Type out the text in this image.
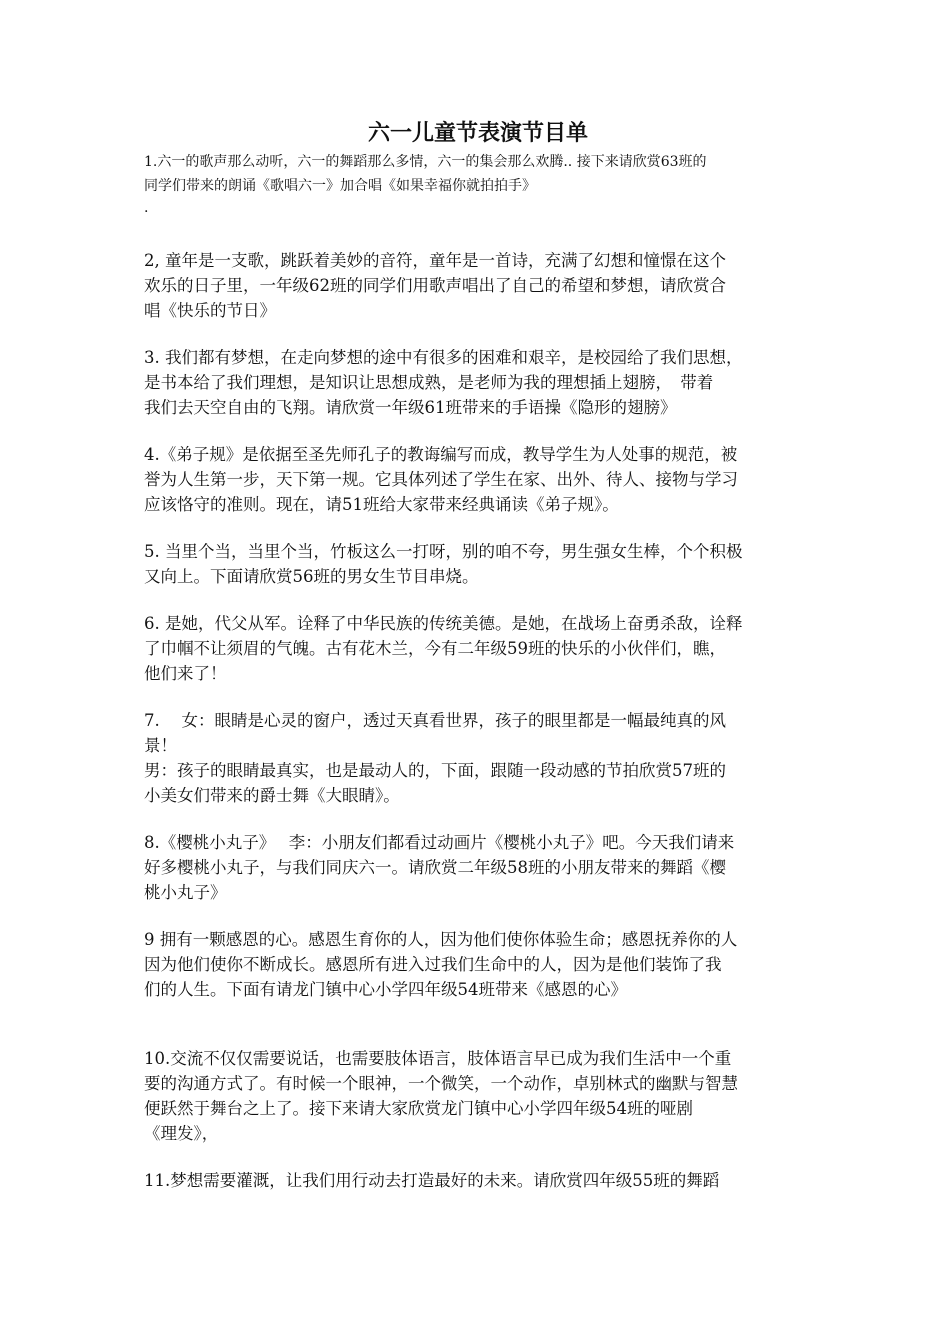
六一儿童节表演节目单

1.六一的歌声那么动听，六一的舞蹈那么多情，六一的集会那么欢腾.. 接下来请欣赏63班的
同学们带来的朗诵《歌唱六一》加合唱《如果幸福你就拍拍手》

.

2, 童年是一支歌，跳跃着美妙的音符，童年是一首诗，充满了幻想和憧憬在这个
欢乐的日子里，一年级62班的同学们用歌声唱出了自己的希望和梦想，请欣赏合
唱《快乐的节日》

3. 我们都有梦想，在走向梦想的途中有很多的困难和艰辛，是校园给了我们思想，
是书本给了我们理想，是知识让思想成熟，是老师为我的理想插上翅膀，　带着
我们去天空自由的飞翔。请欣赏一年级61班带来的手语操《隐形的翅膀》

4.《弟子规》是依据至圣先师孔子的教诲编写而成，教导学生为人处事的规范，被
誉为人生第一步，天下第一规。它具体列述了学生在家、出外、待人、接物与学习
应该恪守的准则。现在，请51班给大家带来经典诵读《弟子规》。

5. 当里个当，当里个当，竹板这么一打呀，别的咱不夸，男生强女生棒，个个积极
又向上。下面请欣赏56班的男女生节目串烧。

6. 是她，代父从军。诠释了中华民族的传统美德。是她，在战场上奋勇杀敌，诠释
了巾帼不让须眉的气魄。古有花木兰，今有二年级59班的快乐的小伙伴们，瞧，
他们来了！

7.　 女：眼睛是心灵的窗户，透过天真看世界，孩子的眼里都是一幅最纯真的风
景！
男：孩子的眼睛最真实，也是最动人的，下面，跟随一段动感的节拍欣赏57班的
小美女们带来的爵士舞《大眼睛》。

8.《樱桃小丸子》　 李：小朋友们都看过动画片《樱桃小丸子》吧。今天我们请来
好多樱桃小丸子，与我们同庆六一。请欣赏二年级58班的小朋友带来的舞蹈《樱
桃小丸子》

9 拥有一颗感恩的心。感恩生育你的人，因为他们使你体验生命；感恩抚养你的人
因为他们使你不断成长。感恩所有进入过我们生命中的人，因为是他们装饰了我
们的人生。下面有请龙门镇中心小学四年级54班带来《感恩的心》

10.交流不仅仅需要说话，也需要肢体语言，肢体语言早已成为我们生活中一个重
要的沟通方式了。有时候一个眼神，一个微笑，一个动作，卓别林式的幽默与智慧
便跃然于舞台之上了。接下来请大家欣赏龙门镇中心小学四年级54班的哑剧
《理发》，

11.梦想需要灌溉，让我们用行动去打造最好的未来。请欣赏四年级55班的舞蹈
